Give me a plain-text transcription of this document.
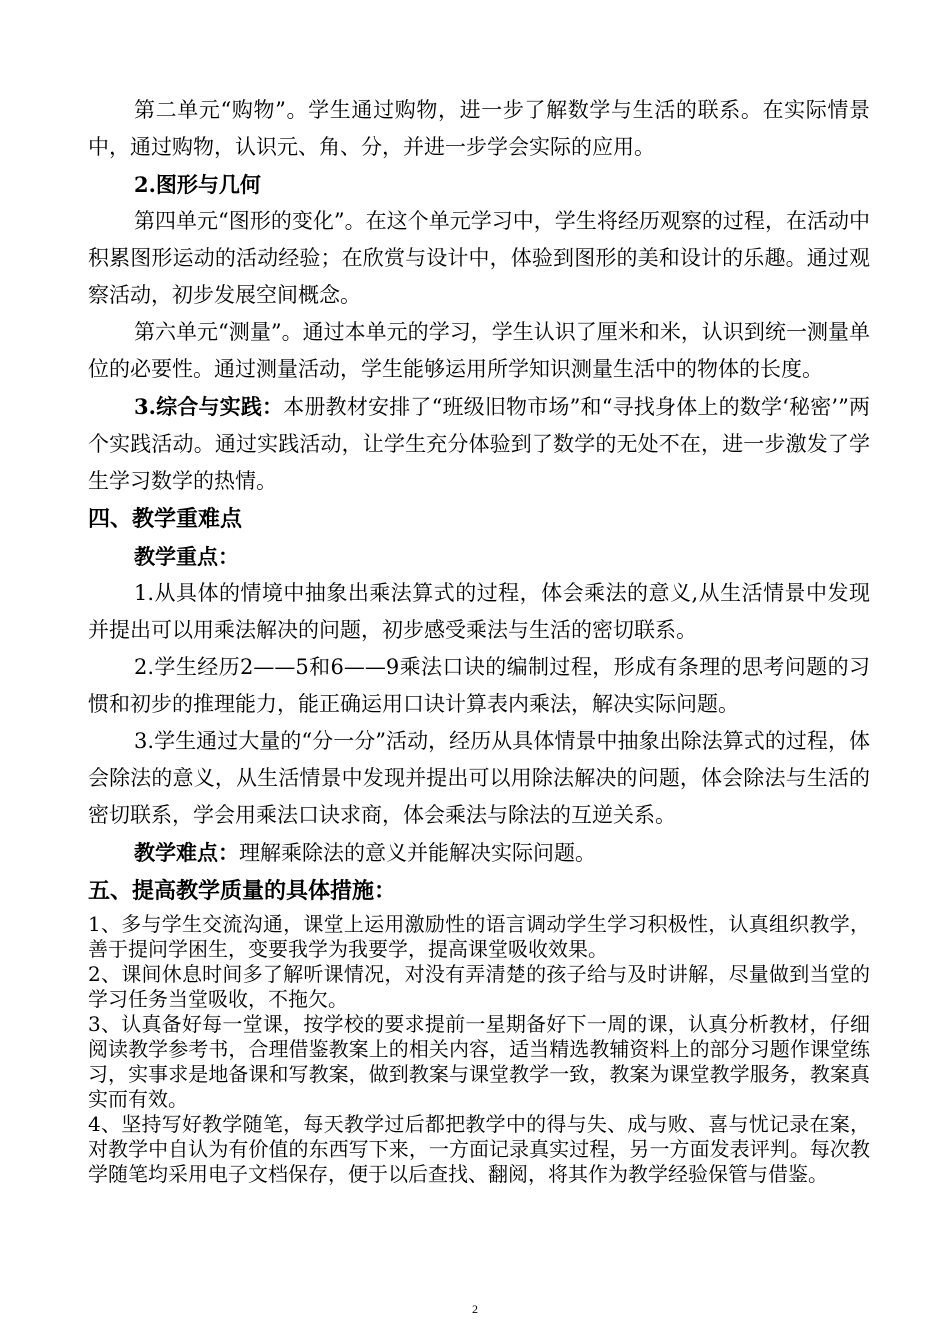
第二单元“购物”。学生通过购物，进一步了解数学与生活的联系。在实际情景中，通过购物，认识元、角、分，并进一步学会实际的应用。

2.图形与几何

第四单元“图形的变化”。在这个单元学习中，学生将经历观察的过程，在活动中积累图形运动的活动经验；在欣赏与设计中，体验到图形的美和设计的乐趣。通过观察活动，初步发展空间概念。

第六单元“测量”。通过本单元的学习，学生认识了厘米和米，认识到统一测量单位的必要性。通过测量活动，学生能够运用所学知识测量生活中的物体的长度。

3.综合与实践：本册教材安排了“班级旧物市场”和“寻找身体上的数学‘秘密’”两个实践活动。通过实践活动，让学生充分体验到了数学的无处不在，进一步激发了学生学习数学的热情。

四、教学重难点

教学重点：

1.从具体的情境中抽象出乘法算式的过程，体会乘法的意义,从生活情景中发现并提出可以用乘法解决的问题，初步感受乘法与生活的密切联系。

2.学生经历2——5和6——9乘法口诀的编制过程，形成有条理的思考问题的习惯和初步的推理能力，能正确运用口诀计算表内乘法，解决实际问题。

3.学生通过大量的“分一分”活动，经历从具体情景中抽象出除法算式的过程，体会除法的意义，从生活情景中发现并提出可以用除法解决的问题，体会除法与生活的密切联系，学会用乘法口诀求商，体会乘法与除法的互逆关系。

教学难点：理解乘除法的意义并能解决实际问题。

五、提高教学质量的具体措施：

1、多与学生交流沟通，课堂上运用激励性的语言调动学生学习积极性，认真组织教学，善于提问学困生，变要我学为我要学，提高课堂吸收效果。

2、课间休息时间多了解听课情况，对没有弄清楚的孩子给与及时讲解，尽量做到当堂的学习任务当堂吸收，不拖欠。

3、认真备好每一堂课，按学校的要求提前一星期备好下一周的课，认真分析教材，仔细阅读教学参考书，合理借鉴教案上的相关内容，适当精选教辅资料上的部分习题作课堂练习，实事求是地备课和写教案，做到教案与课堂教学一致，教案为课堂教学服务，教案真实而有效。

4、坚持写好教学随笔，每天教学过后都把教学中的得与失、成与败、喜与忧记录在案，对教学中自认为有价值的东西写下来，一方面记录真实过程，另一方面发表评判。每次教学随笔均采用电子文档保存，便于以后查找、翻阅，将其作为教学经验保管与借鉴。

2
